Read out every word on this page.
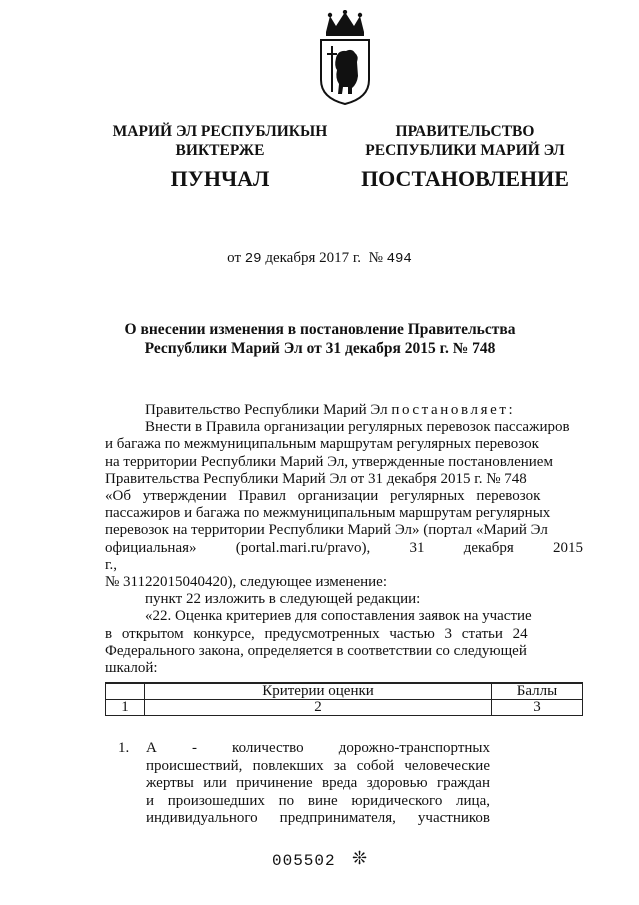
МАРИЙ ЭЛ РЕСПУБЛИКЫН
ВИКТЕРЖЕ
ПУНЧАЛ
ПРАВИТЕЛЬСТВО
РЕСПУБЛИКИ МАРИЙ ЭЛ
ПОСТАНОВЛЕНИЕ
от 29 декабря 2017 г. № 494
О внесении изменения в постановление Правительства
Республики Марий Эл от 31 декабря 2015 г. № 748

Правительство Республики Марий Эл постановляет:

Внести в Правила организации регулярных перевозок пассажиров

и багажа по межмуниципальным маршрутам регулярных перевозок

на территории Республики Марий Эл, утвержденные постановлением

Правительства Республики Марий Эл от 31 декабря 2015 г. № 748

«Об утверждении Правил организации регулярных перевозок

пассажиров и багажа по межмуниципальным маршрутам регулярных

перевозок на территории Республики Марий Эл» (портал «Марий Эл

официальная» (portal.mari.ru/pravo), 31 декабря 2015 г.,

№ 31122015040420), следующее изменение:

пункт 22 изложить в следующей редакции:

«22. Оценка критериев для сопоставления заявок на участие

в открытом конкурсе, предусмотренных частью 3 статьи 24

Федерального закона, определяется в соответствии со следующей

шкалой:

	Критерии оценки	Баллы
1	2	3
1. А - количество дорожно-транспортных

происшествий, повлекших за собой человеческие

жертвы или причинение вреда здоровью граждан

и произошедших по вине юридического лица,

индивидуального предпринимателя, участников

005502 ❊
